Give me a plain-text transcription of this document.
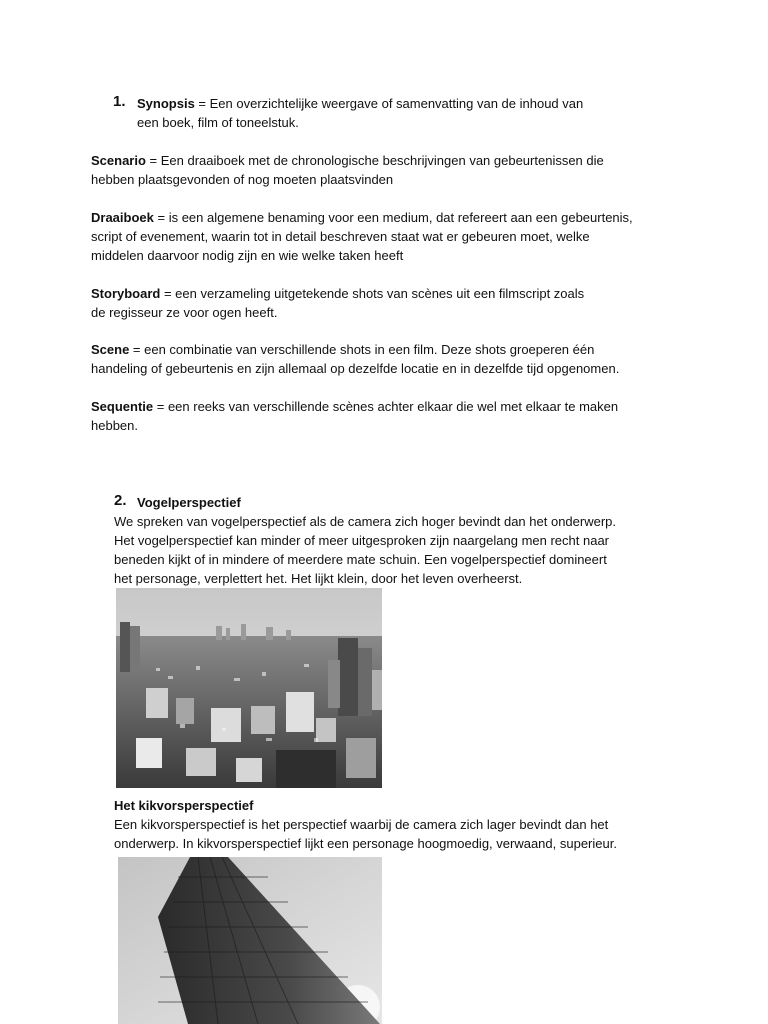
1. Synopsis = Een overzichtelijke weergave of samenvatting van de inhoud van
een boek, film of toneelstuk.
Scenario = Een draaiboek met de chronologische beschrijvingen van gebeurtenissen die
hebben plaatsgevonden of nog moeten plaatsvinden
Draaiboek = is een algemene benaming voor een medium, dat refereert aan een gebeurtenis,
script of evenement, waarin tot in detail beschreven staat wat er gebeuren moet, welke
middelen daarvoor nodig zijn en wie welke taken heeft
Storyboard = een verzameling uitgetekende shots van scènes uit een filmscript zoals
de regisseur ze voor ogen heeft.
Scene = een combinatie van verschillende shots in een film. Deze shots groeperen één
handeling of gebeurtenis en zijn allemaal op dezelfde locatie en in dezelfde tijd opgenomen.
Sequentie = een reeks van verschillende scènes achter elkaar die wel met elkaar te maken
hebben.
2. Vogelperspectief
We spreken van vogelperspectief als de camera zich hoger bevindt dan het onderwerp.
Het vogelperspectief kan minder of meer uitgesproken zijn naargelang men recht naar
beneden kijkt of in mindere of meerdere mate schuin. Een vogelperspectief domineert
het personage, verplettert het. Het lijkt klein, door het leven overheerst.
Het kikvorsperspectief
Een kikvorsperspectief is het perspectief waarbij de camera zich lager bevindt dan het
onderwerp. In kikvorsperspectief lijkt een personage hoogmoedig, verwaand, superieur.
